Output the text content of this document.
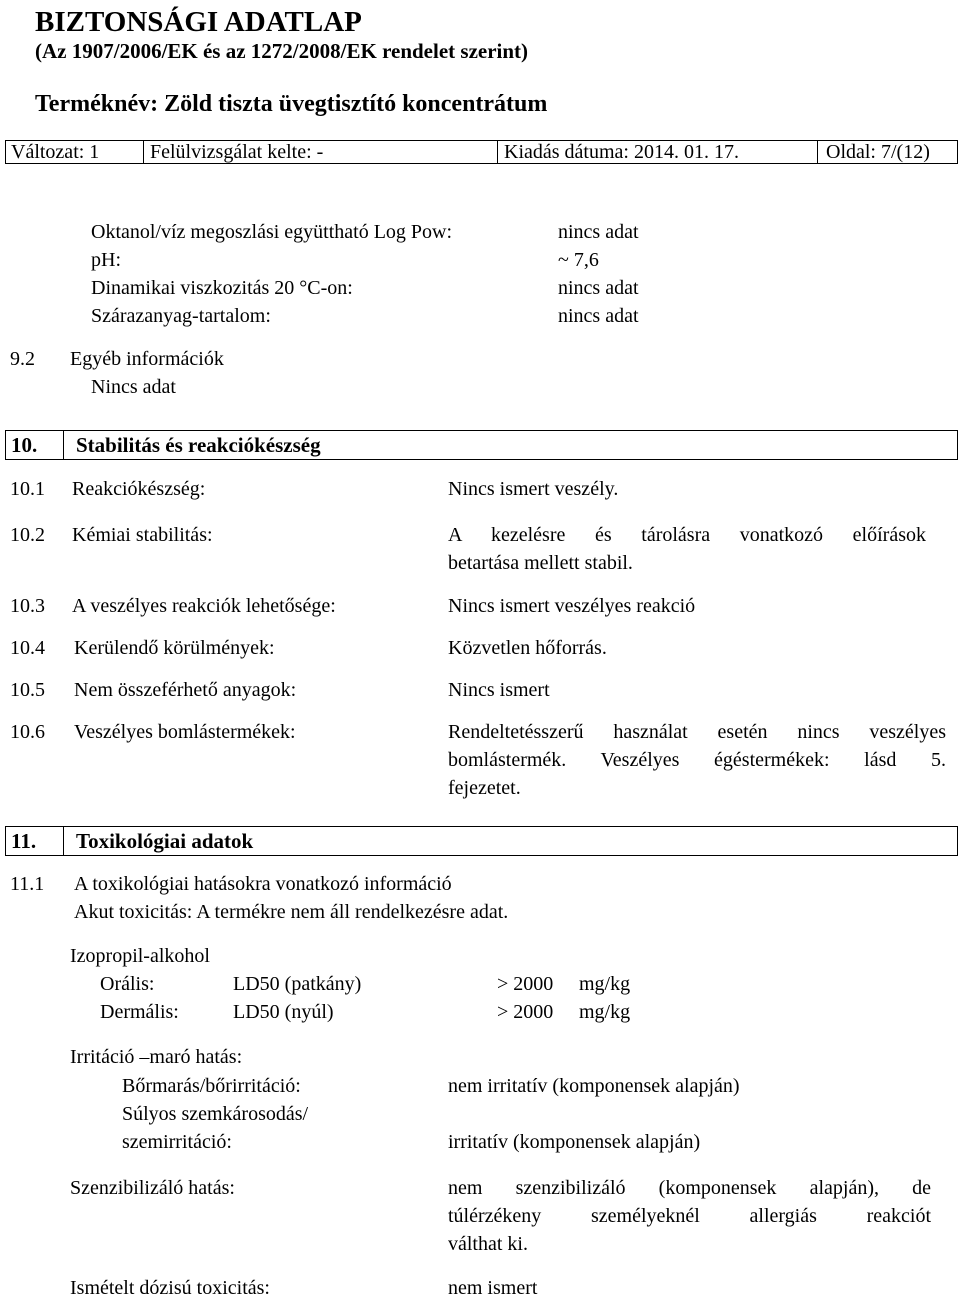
BIZTONSÁGI ADATLAP
(Az 1907/2006/EK és az 1272/2008/EK rendelet szerint)
Terméknév: Zöld tiszta üvegtisztító koncentrátum
Változat: 1	Felülvizsgálat kelte: -	Kiadás dátuma: 2014. 01. 17.	Oldal: 7/(12)
Oktanol/víz megoszlási együttható Log Pow:	nincs adat
pH:	~ 7,6
Dinamikai viszkozitás 20 °C-on:	nincs adat
Szárazanyag-tartalom:	nincs adat
9.2 Egyéb információk
Nincs adat
10.	Stabilitás és reakciókészség
10.1 Reakciókészség:	Nincs ismert veszély.
10.2 Kémiai stabilitás:	A kezelésre és tárolásra vonatkozó előírások
betartása mellett stabil.
10.3 A veszélyes reakciók lehetősége:	Nincs ismert veszélyes reakció
10.4 Kerülendő körülmények:	Közvetlen hőforrás.
10.5 Nem összeférhető anyagok:	Nincs ismert
10.6 Veszélyes bomlástermékek:	Rendeltetésszerű használat esetén nincs veszélyes
bomlástermék. Veszélyes égéstermékek: lásd 5.
fejezetet.
11.	Toxikológiai adatok
11.1 A toxikológiai hatásokra vonatkozó információ
Akut toxicitás: A termékre nem áll rendelkezésre adat.
Izopropil-alkohol
Orális:	LD50 (patkány)	> 2000 mg/kg
Dermális:	LD50 (nyúl)	> 2000 mg/kg
Irritáció –maró hatás:
Bőrmarás/bőrirritáció:	nem irritatív (komponensek alapján)
Súlyos szemkárosodás/
szemirritáció:	irritatív (komponensek alapján)
Szenzibilizáló hatás:	nem szenzibilizáló (komponensek alapján), de
túlérzékeny személyeknél allergiás reakciót
válthat ki.
Ismételt dózisú toxicitás:	nem ismert
